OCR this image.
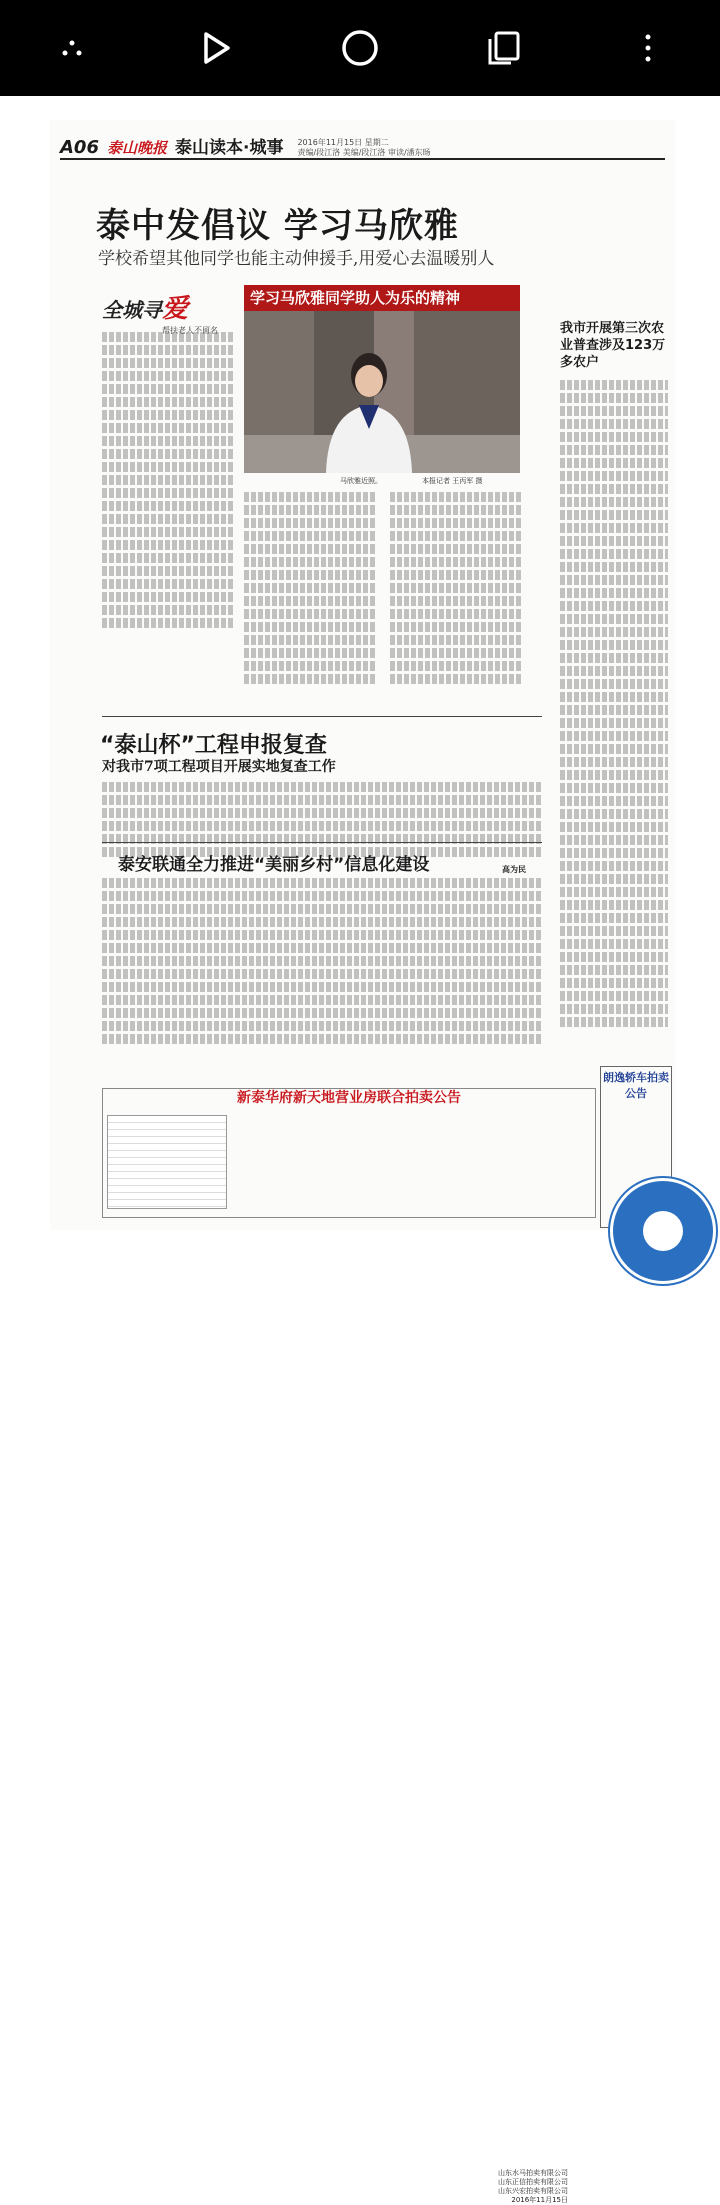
A06 泰山晚报 泰山读本·城事 2016年11月15日 星期二
责编/段江洛 美编/段江洛 审读/潘东旸
泰中发倡议 学习马欣雅
学校希望其他同学也能主动伸援手,用爱心去温暖别人
全城寻爱
帮扶老人不留名
学习马欣雅同学助人为乐的精神
马欣雅近照。	本报记者 王丙军 摄
我市开展第三次农业普查涉及123万多农户
“泰山杯”工程申报复查
对我市7项工程项目开展实地复查工作
泰安联通全力推进“美丽乡村”信息化建设	高为民
新泰华府新天地营业房联合拍卖公告
山东水马拍卖有限公司
山东正信拍卖有限公司
山东兴宏拍卖有限公司
2016年11月15日
朗逸轿车拍卖公告
